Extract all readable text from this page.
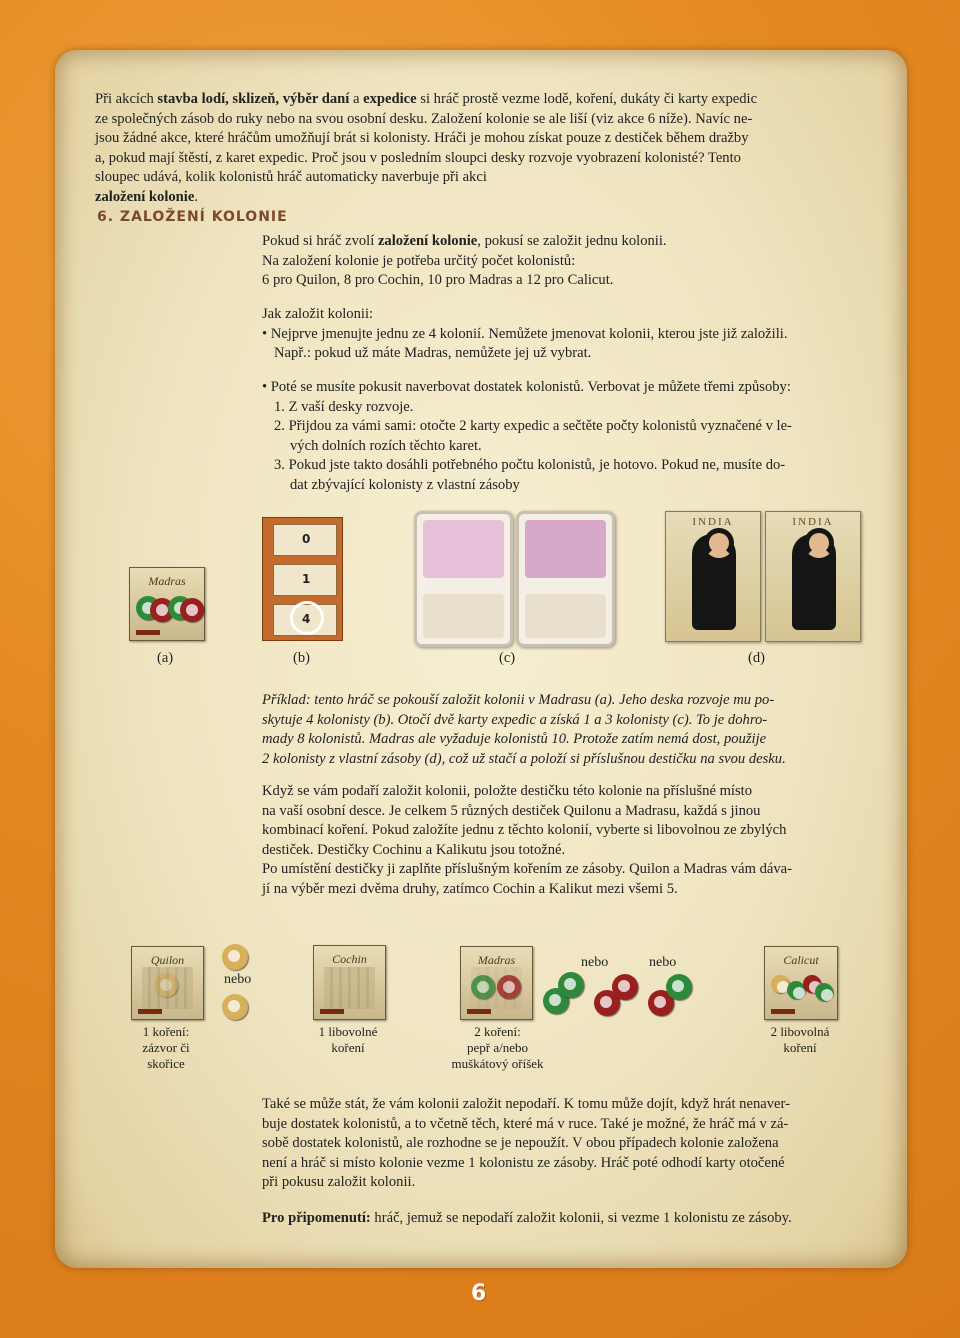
Při akcích stavba lodí, sklizeň, výběr daní a expedice si hráč prostě vezme lodě, koření, dukáty či karty expedic

ze společných zásob do ruky nebo na svou osobní desku. Založení kolonie se ale liší (viz akce 6 níže). Navíc ne-

jsou žádné akce, které hráčům umožňují brát si kolonisty. Hráči je mohou získat pouze z destiček během dražby

a, pokud mají štěstí, z karet expedic. Proč jsou v posledním sloupci desky rozvoje vyobrazení kolonisté? Tento

sloupec udává, kolik kolonistů hráč automaticky naverbuje při akci

založení kolonie.

6. ZALOŽENÍ KOLONIE

Pokud si hráč zvolí založení kolonie, pokusí se založit jednu kolonii.

Na založení kolonie je potřeba určitý počet kolonistů:

6 pro Quilon, 8 pro Cochin, 10 pro Madras a 12 pro Calicut.

Jak založit kolonii:

• Nejprve jmenujte jednu ze 4 kolonií. Nemůžete jmenovat kolonii, kterou jste již založili.

Např.: pokud už máte Madras, nemůžete jej už vybrat.

• Poté se musíte pokusit naverbovat dostatek kolonistů. Verbovat je můžete třemi způsoby:

1. Z vaší desky rozvoje.

2. Přijdou za vámi sami: otočte 2 karty expedic a sečtěte počty kolonistů vyznačené v le-

vých dolních rozích těchto karet.

3. Pokud jste takto dosáhli potřebného počtu kolonistů, je hotovo. Pokud ne, musíte do-

dat zbývající kolonisty z vlastní zásoby

Madras
0
1
4
INDIA	INDIA
(a)	(b)	(c)	(d)

Příklad: tento hráč se pokouší založit kolonii v Madrasu (a). Jeho deska rozvoje mu po-

skytuje 4 kolonisty (b). Otočí dvě karty expedic a získá 1 a 3 kolonisty (c). To je dohro-

mady 8 kolonistů. Madras ale vyžaduje kolonistů 10. Protože zatím nemá dost, použije

2 kolonisty z vlastní zásoby (d), což už stačí a položí si příslušnou destičku na svou desku.

Když se vám podaří založit kolonii, položte destičku této kolonie na příslušné místo

na vaší osobní desce. Je celkem 5 různých destiček Quilonu a Madrasu, každá s jinou

kombinací koření. Pokud založíte jednu z těchto kolonií, vyberte si libovolnou ze zbylých

destiček. Destičky Cochinu a Kalikutu jsou totožné.

Po umístění destičky ji zaplňte příslušným kořením ze zásoby. Quilon a Madras vám dáva-

jí na výběr mezi dvěma druhy, zatímco Cochin a Kalikut mezi všemi 5.

Quilon
nebo
Cochin	Madras	nebo	nebo	Calicut
1 koření:
zázvor či
skořice
1 libovolné
koření
2 koření:
pepř a/nebo
muškátový oříšek
2 libovolná
koření

Také se může stát, že vám kolonii založit nepodaří. K tomu může dojít, když hrát nenaver-

buje dostatek kolonistů, a to včetně těch, které má v ruce. Také je možné, že hráč má v zá-

sobě dostatek kolonistů, ale rozhodne se je nepoužít. V obou případech kolonie založena

není a hráč si místo kolonie vezme 1 kolonistu ze zásoby. Hráč poté odhodí karty otočené

při pokusu založit kolonii.

Pro připomenutí: hráč, jemuž se nepodaří založit kolonii, si vezme 1 kolonistu ze zásoby.

6
